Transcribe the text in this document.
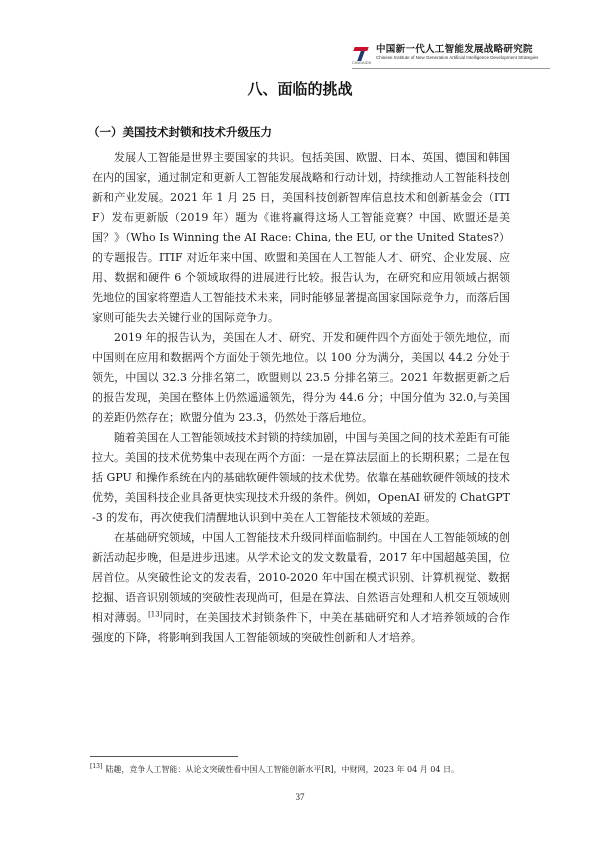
CINGAIDS
中国新一代人工智能发展战略研究院
Chinese Institute of New Generation Artificial Intelligence Development Strategies
八、面临的挑战
（一）美国技术封锁和技术升级压力

发展人工智能是世界主要国家的共识。包括美国、欧盟、日本、英国、德国和韩国在内的国家，通过制定和更新人工智能发展战略和行动计划，持续推动人工智能科技创新和产业发展。2021 年 1 月 25 日，美国科技创新智库信息技术和创新基金会（ITIF）发布更新版（2019 年）题为《谁将赢得这场人工智能竞赛？中国、欧盟还是美国？》（Who Is Winning the AI Race: China, the EU, or the United States?）的专题报告。ITIF 对近年来中国、欧盟和美国在人工智能人才、研究、企业发展、应用、数据和硬件 6 个领域取得的进展进行比较。报告认为，在研究和应用领域占据领先地位的国家将塑造人工智能技术未来，同时能够显著提高国家国际竞争力，而落后国家则可能失去关键行业的国际竞争力。

2019 年的报告认为，美国在人才、研究、开发和硬件四个方面处于领先地位，而中国则在应用和数据两个方面处于领先地位。以 100 分为满分，美国以 44.2 分处于领先，中国以 32.3 分排名第二，欧盟则以 23.5 分排名第三。2021 年数据更新之后的报告发现，美国在整体上仍然遥遥领先，得分为 44.6 分；中国分值为 32.0,与美国的差距仍然存在；欧盟分值为 23.3，仍然处于落后地位。

随着美国在人工智能领域技术封锁的持续加剧，中国与美国之间的技术差距有可能拉大。美国的技术优势集中表现在两个方面：一是在算法层面上的长期积累；二是在包括 GPU 和操作系统在内的基础软硬件领域的技术优势。依靠在基础软硬件领域的技术优势，美国科技企业具备更快实现技术升级的条件。例如，OpenAI 研发的 ChatGPT-3 的发布，再次使我们清醒地认识到中美在人工智能技术领域的差距。

在基础研究领域，中国人工智能技术升级同样面临制约。中国在人工智能领域的创新活动起步晚，但是进步迅速。从学术论文的发文数量看，2017 年中国超越美国，位居首位。从突破性论文的发表看，2010-2020 年中国在模式识别、计算机视觉、数据挖掘、语音识别领域的突破性表现尚可，但是在算法、自然语言处理和人机交互领域则相对薄弱。[13]同时，在美国技术封锁条件下，中美在基础研究和人才培养领域的合作强度的下降，将影响到我国人工智能领域的突破性创新和人才培养。

[13] 陆趣，竞争人工智能：从论文突破性看中国人工智能创新水平[R]，中财网，2023 年 04 月 04 日。
37
